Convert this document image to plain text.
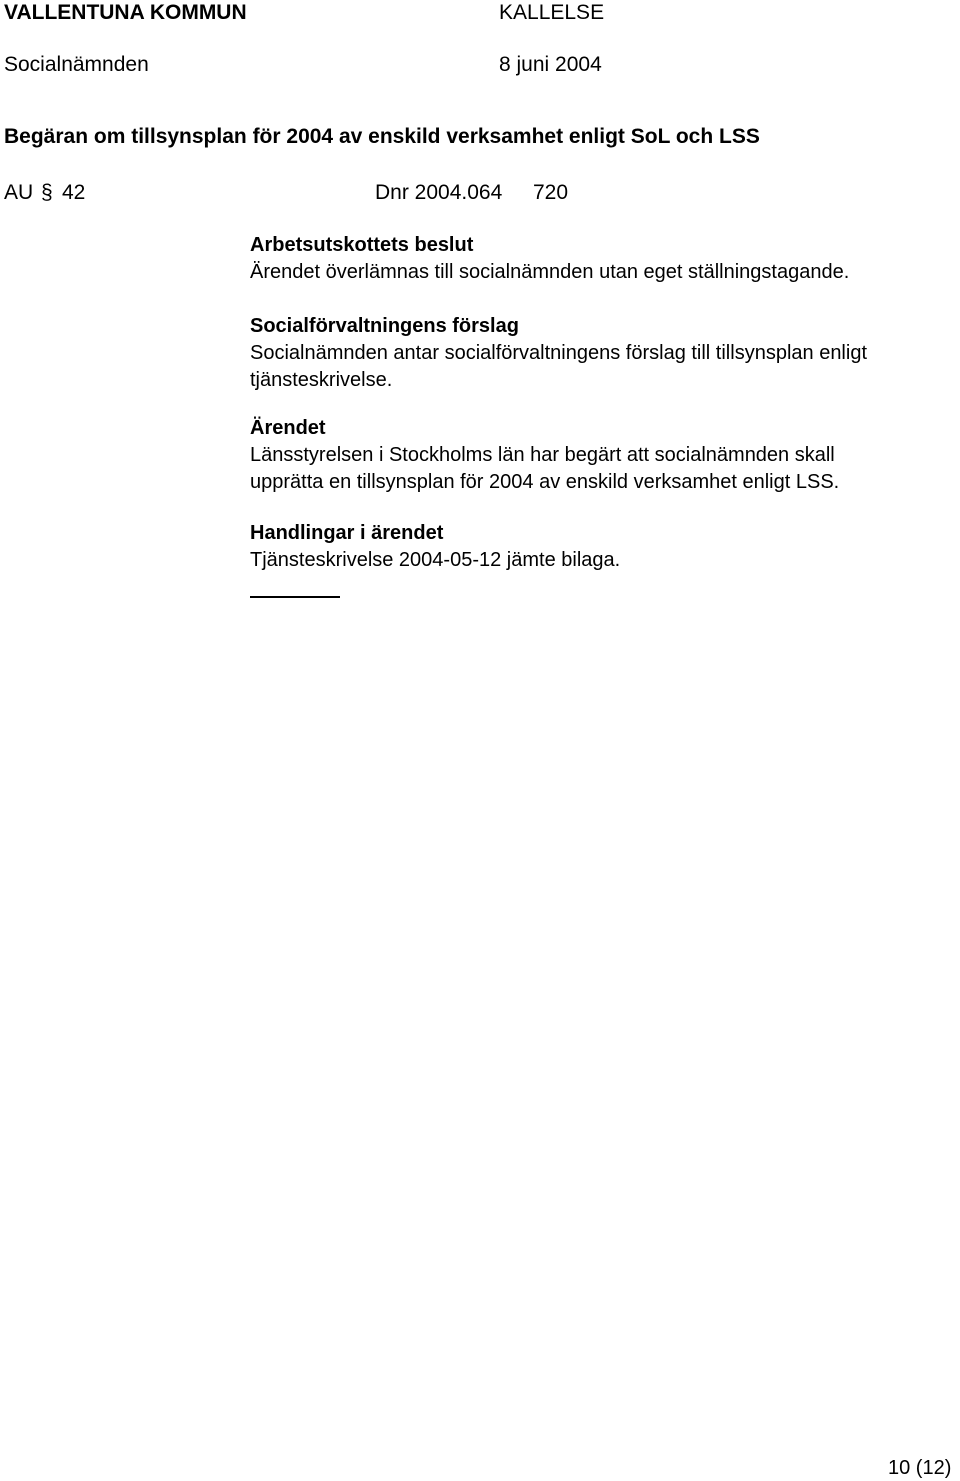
VALLENTUNA KOMMUN	KALLELSE
Socialnämnden	8 juni 2004
Begäran om tillsynsplan för 2004 av enskild verksamhet enligt SoL och LSS
AU § 42	Dnr 2004.064 720
Arbetsutskottets beslut
Ärendet överlämnas till socialnämnden utan eget ställningstagande.
Socialförvaltningens förslag
Socialnämnden antar socialförvaltningens förslag till tillsynsplan enligt
tjänsteskrivelse.
Ärendet
Länsstyrelsen i Stockholms län har begärt att socialnämnden skall
upprätta en tillsynsplan för 2004 av enskild verksamhet enligt LSS.
Handlingar i ärendet
Tjänsteskrivelse 2004-05-12 jämte bilaga.
10 (12)
